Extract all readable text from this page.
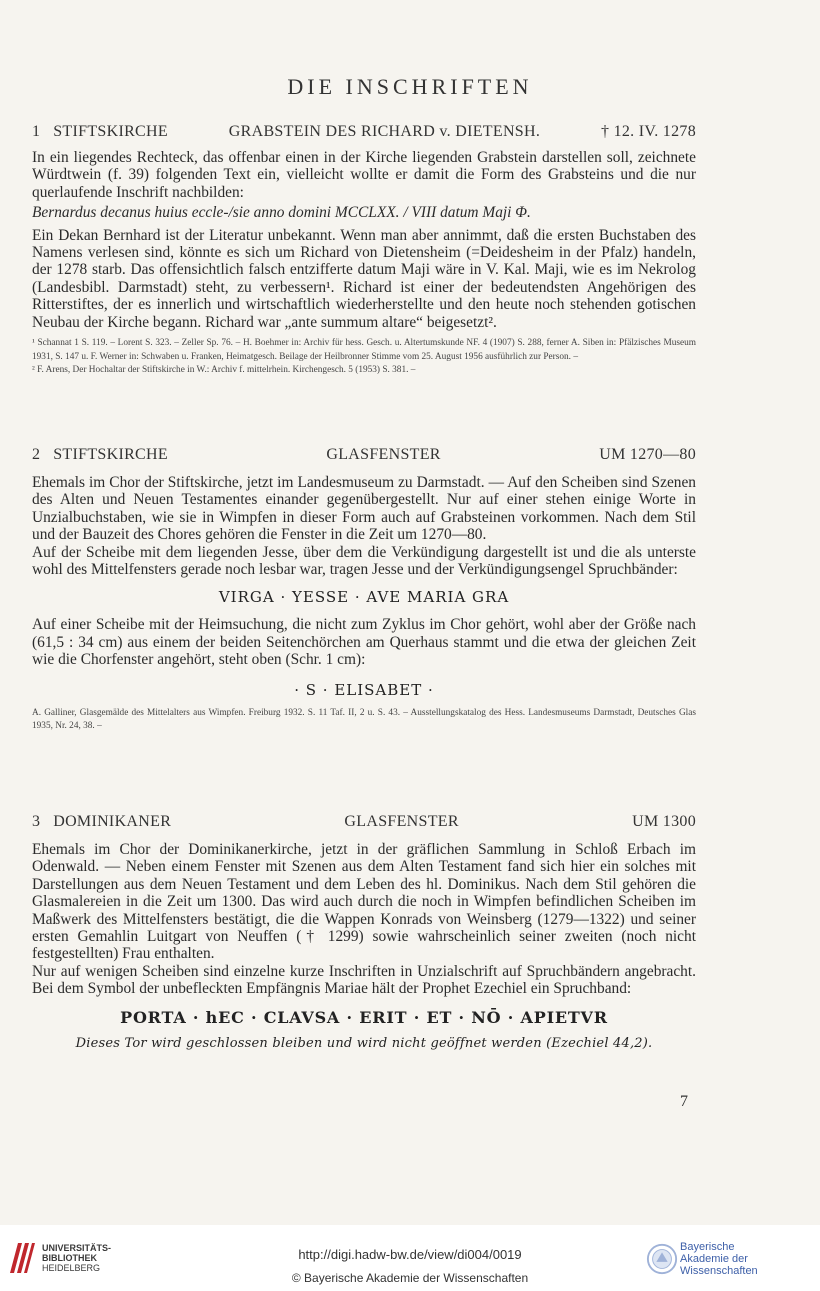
DIE INSCHRIFTEN
1 STIFTSKIRCHE	GRABSTEIN DES RICHARD v. DIETENSH.	† 12. IV. 1278

In ein liegendes Rechteck, das offenbar einen in der Kirche liegenden Grabstein darstellen soll, zeichnete Würdtwein (f. 39) folgenden Text ein, vielleicht wollte er damit die Form des Grabsteins und die nur querlaufende Inschrift nachbilden:

Bernardus decanus huius eccle-/sie anno domini MCCLXX. / VIII datum Maji Φ.

Ein Dekan Bernhard ist der Literatur unbekannt. Wenn man aber annimmt, daß die ersten Buchstaben des Namens verlesen sind, könnte es sich um Richard von Dietensheim (=Deidesheim in der Pfalz) handeln, der 1278 starb. Das offensichtlich falsch entzifferte datum Maji wäre in V. Kal. Maji, wie es im Nekrolog (Landesbibl. Darmstadt) steht, zu verbessern¹. Richard ist einer der bedeutendsten Angehörigen des Ritterstiftes, der es innerlich und wirtschaftlich wiederherstellte und den heute noch stehenden gotischen Neubau der Kirche begann. Richard war „ante summum altare“ beigesetzt².

¹ Schannat 1 S. 119. – Lorent S. 323. – Zeller Sp. 76. – H. Boehmer in: Archiv für hess. Gesch. u. Altertumskunde NF. 4 (1907) S. 288, ferner A. Siben in: Pfälzisches Museum 1931, S. 147 u. F. Werner in: Schwaben u. Franken, Heimatgesch. Beilage der Heilbronner Stimme vom 25. August 1956 ausführlich zur Person. –

² F. Arens, Der Hochaltar der Stiftskirche in W.: Archiv f. mittelrhein. Kirchengesch. 5 (1953) S. 381. –

2 STIFTSKIRCHE	GLASFENSTER	UM 1270—80

Ehemals im Chor der Stiftskirche, jetzt im Landesmuseum zu Darmstadt. — Auf den Scheiben sind Szenen des Alten und Neuen Testamentes einander gegenübergestellt. Nur auf einer stehen einige Worte in Unzialbuchstaben, wie sie in Wimpfen in dieser Form auch auf Grabsteinen vorkommen. Nach dem Stil und der Bauzeit des Chores gehören die Fenster in die Zeit um 1270—80.

Auf der Scheibe mit dem liegenden Jesse, über dem die Verkündigung dargestellt ist und die als unterste wohl des Mittelfensters gerade noch lesbar war, tragen Jesse und der Verkündigungsengel Spruchbänder:

VIRGA · YESSE · AVE MARIA GRA

Auf einer Scheibe mit der Heimsuchung, die nicht zum Zyklus im Chor gehört, wohl aber der Größe nach (61,5 : 34 cm) aus einem der beiden Seitenchörchen am Querhaus stammt und die etwa der gleichen Zeit wie die Chorfenster angehört, steht oben (Schr. 1 cm):

· S · ELISABET ·

A. Galliner, Glasgemälde des Mittelalters aus Wimpfen. Freiburg 1932. S. 11 Taf. II, 2 u. S. 43. – Ausstellungskatalog des Hess. Landesmuseums Darmstadt, Deutsches Glas 1935, Nr. 24, 38. –

3 DOMINIKANER	GLASFENSTER	UM 1300

Ehemals im Chor der Dominikanerkirche, jetzt in der gräflichen Sammlung in Schloß Erbach im Odenwald. — Neben einem Fenster mit Szenen aus dem Alten Testament fand sich hier ein solches mit Darstellungen aus dem Neuen Testament und dem Leben des hl. Dominikus. Nach dem Stil gehören die Glasmalereien in die Zeit um 1300. Das wird auch durch die noch in Wimpfen befindlichen Scheiben im Maßwerk des Mittelfensters bestätigt, die die Wappen Konrads von Weinsberg (1279—1322) und seiner ersten Gemahlin Luitgart von Neuffen († 1299) sowie wahrscheinlich seiner zweiten (noch nicht festgestellten) Frau enthalten.

Nur auf wenigen Scheiben sind einzelne kurze Inschriften in Unzialschrift auf Spruchbändern angebracht. Bei dem Symbol der unbefleckten Empfängnis Mariae hält der Prophet Ezechiel ein Spruchband:

PORTA · hEC · CLAVSA · ERIT · ET · NŌ · APIETVR
Dieses Tor wird geschlossen bleiben und wird nicht geöffnet werden (Ezechiel 44,2).
7
UNIVERSITÄTS-
BIBLIOTHEK
HEIDELBERG
http://digi.hadw-bw.de/view/di004/0019
© Bayerische Akademie der Wissenschaften
Bayerische
Akademie der Wissenschaften
